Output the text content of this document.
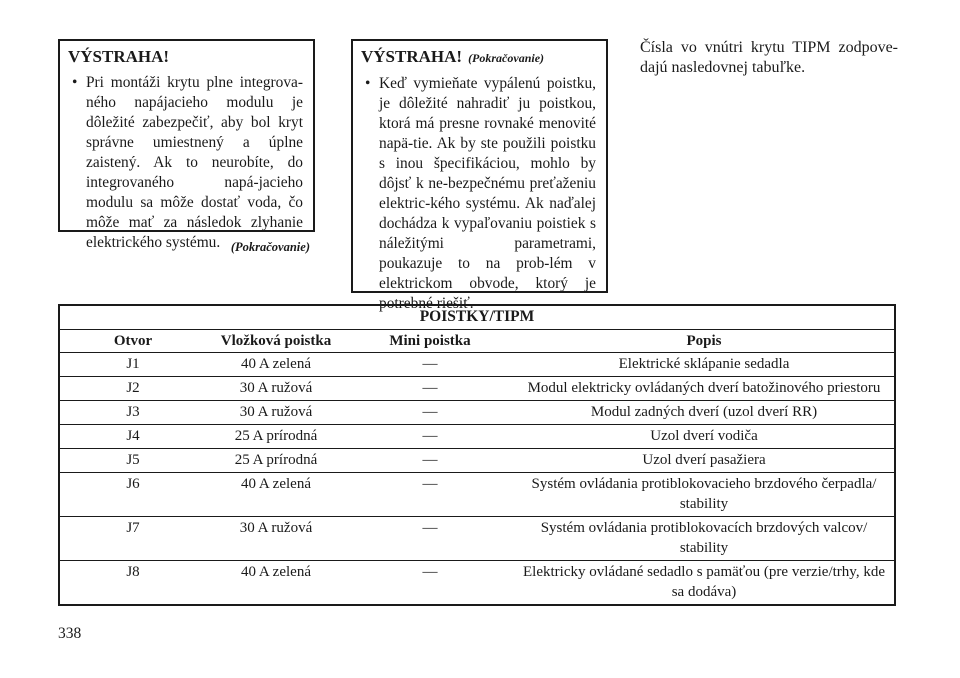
VÝSTRAHA!

• Pri montáži krytu plne integrova-ného napájacieho modulu je dôležité zabezpečiť, aby bol kryt správne umiestnený a úplne zaistený. Ak to neurobíte, do integrovaného napá-jacieho modulu sa môže dostať voda, čo môže mať za následok zlyhanie elektrického systému. (Pokračovanie)
VÝSTRAHA! (Pokračovanie)

• Keď vymieňate vypálenú poistku, je dôležité nahradiť ju poistkou, ktorá má presne rovnaké menovité napä-tie. Ak by ste použili poistku s inou špecifikáciou, mohlo by dôjsť k ne-bezpečnému preťaženiu elektric-kého systému. Ak naďalej dochádza k vypaľovaniu poistiek s náležitými parametrami, poukazuje to na prob-lém v elektrickom obvode, ktorý je potrebné riešiť.

Čísla vo vnútri krytu TIPM zodpove-dajú nasledovnej tabuľke.
POISTKY/TIPM			
Otvor	Vložková poistka	Mini poistka	Popis
J1	40 A zelená	—	Elektrické sklápanie sedadla
J2	30 A ružová	—	Modul elektricky ovládaných dverí batožinového priestoru
J3	30 A ružová	—	Modul zadných dverí (uzol dverí RR)
J4	25 A prírodná	—	Uzol dverí vodiča
J5	25 A prírodná	—	Uzol dverí pasažiera
J6	40 A zelená	—	Systém ovládania protiblokovacieho brzdového čerpadla/ stability
J7	30 A ružová	—	Systém ovládania protiblokovacích brzdových valcov/ stability
J8	40 A zelená	—	Elektricky ovládané sedadlo s pamäťou (pre verzie/trhy, kde sa dodáva)
338
